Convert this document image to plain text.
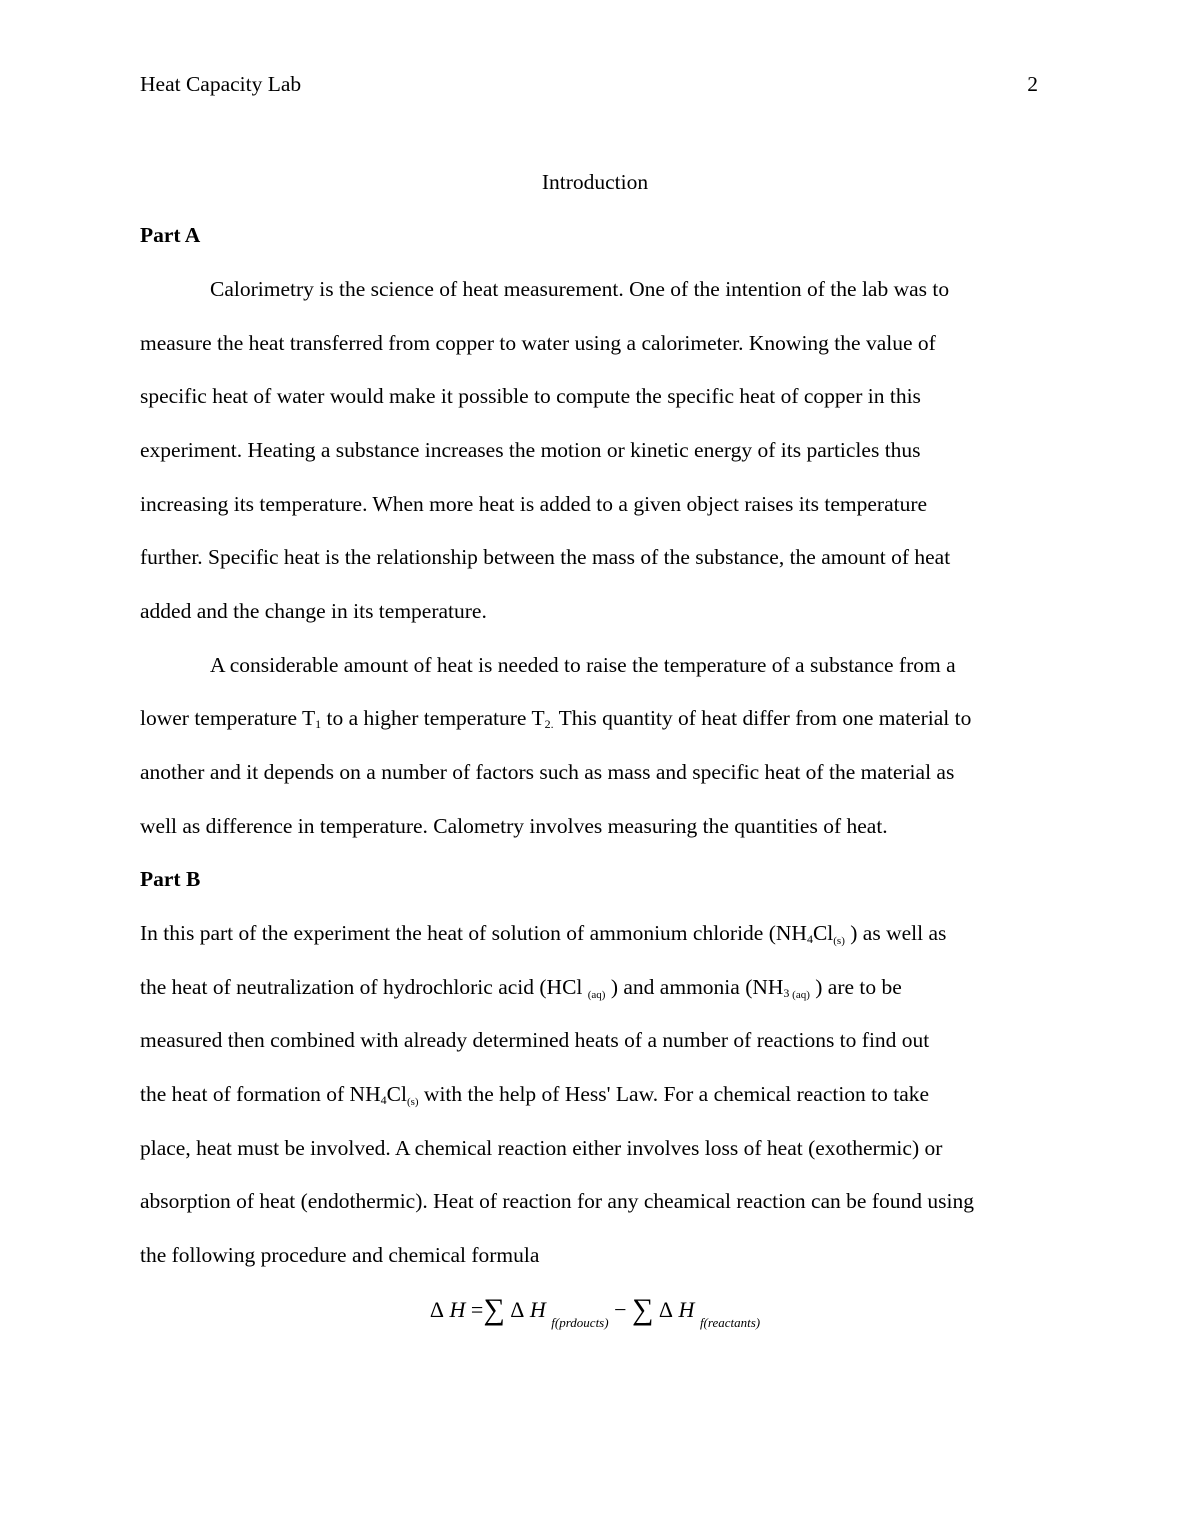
Heat Capacity Lab	2
Introduction
Part A
Calorimetry is the science of heat measurement. One of the intention of the lab was to
measure the heat transferred from copper to water using a calorimeter. Knowing the value of
specific heat of water would make it possible to compute the specific heat of copper in this
experiment. Heating a substance increases the motion or kinetic energy of its particles thus
increasing its temperature. When more heat is added to a given object raises its temperature
further. Specific heat is the relationship between the mass of the substance, the amount of heat
added and the change in its temperature.
A considerable amount of heat is needed to raise the temperature of a substance from a
lower temperature $T_1$ to a higher temperature $T_{2.}$ This quantity of heat differ from one material to
another and it depends on a number of factors such as mass and specific heat of the material as
well as difference in temperature. Calometry involves measuring the quantities of heat.
Part B
In this part of the experiment the heat of solution of ammonium chloride ($NH_4Cl_{(s)}$ ) as well as
the heat of neutralization of hydrochloric acid (HCl $_{(aq)}$ ) and ammonia ($NH_3$ $_{(aq)}$ ) are to be
measured then combined with already determined heats of a number of reactions to find out
the heat of formation of $NH_4Cl_{(s)}$ with the help of Hess' Law. For a chemical reaction to take
place, heat must be involved. A chemical reaction either involves loss of heat (exothermic) or
absorption of heat (endothermic). Heat of reaction for any cheamical reaction can be found using
the following procedure and chemical formula
Δ H =∑ Δ H $_{f(prdoucts)}$ − ∑ Δ H $_{f(reactants)}$
